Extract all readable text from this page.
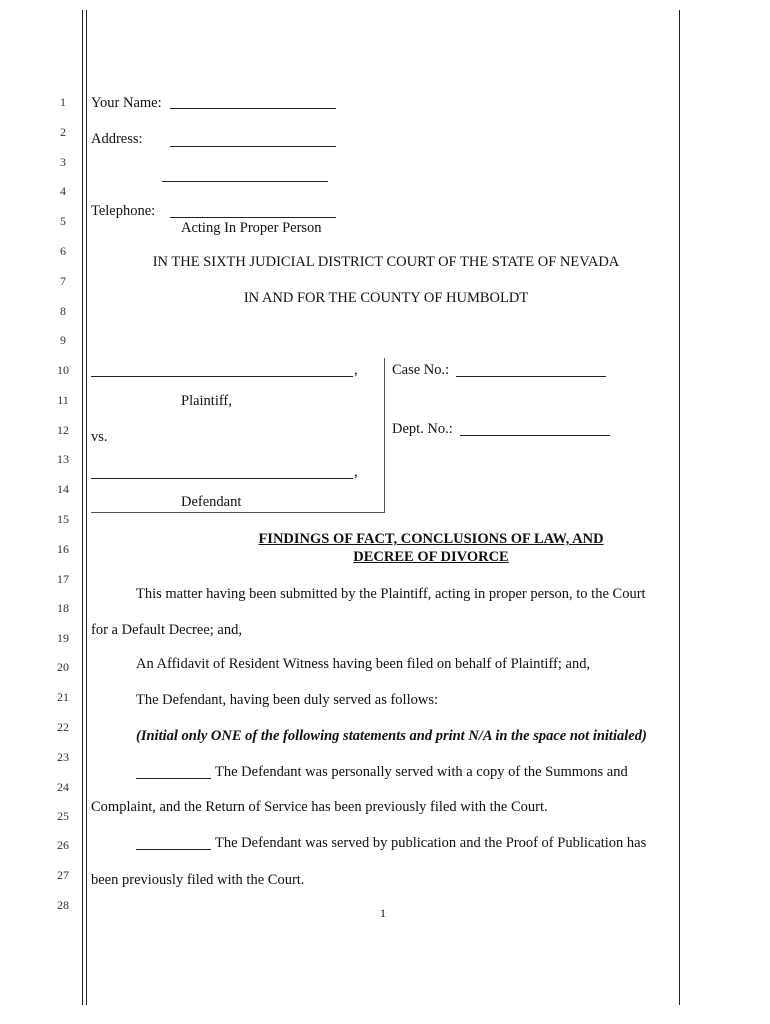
1
2
3
4
5
6
7
8
9
10
11
12
13
14
15
16
17
18
19
20
21
22
23
24
25
26
27
28
Your Name:
Address:
Telephone:
Acting In Proper Person
IN THE SIXTH JUDICIAL DISTRICT COURT OF THE STATE OF NEVADA
IN AND FOR THE COUNTY OF HUMBOLDT
,
Plaintiff,
vs.
,
Defendant
Case No.:
Dept. No.:
FINDINGS OF FACT, CONCLUSIONS OF LAW, AND
DECREE OF DIVORCE
This matter having been submitted by the Plaintiff, acting in proper person, to the Court
for a Default Decree; and,
An Affidavit of Resident Witness having been filed on behalf of Plaintiff; and,
The Defendant, having been duly served as follows:
(Initial only ONE of the following statements and print N/A in the space not initialed)
The Defendant was personally served with a copy of the Summons and
Complaint, and the Return of Service has been previously filed with the Court.
The Defendant was served by publication and the Proof of Publication has
been previously filed with the Court.
1
